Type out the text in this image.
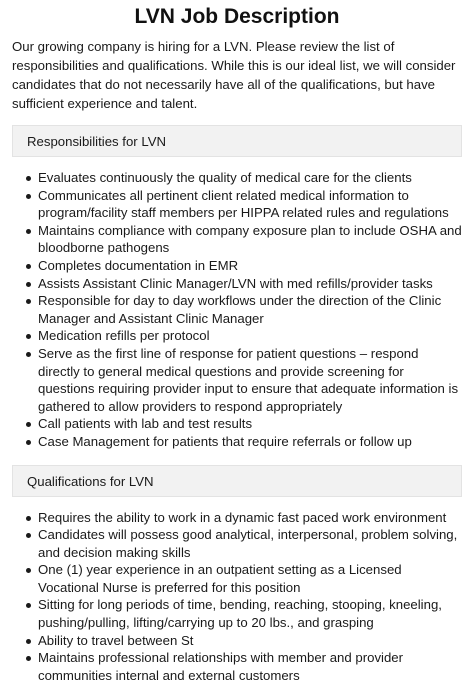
LVN Job Description

Our growing company is hiring for a LVN. Please review the list of responsibilities and qualifications. While this is our ideal list, we will consider candidates that do not necessarily have all of the qualifications, but have sufficient experience and talent.

Responsibilities for LVN
Evaluates continuously the quality of medical care for the clients
Communicates all pertinent client related medical information to program/facility staff members per HIPPA related rules and regulations
Maintains compliance with company exposure plan to include OSHA and bloodborne pathogens
Completes documentation in EMR
Assists Assistant Clinic Manager/LVN with med refills/provider tasks
Responsible for day to day workflows under the direction of the Clinic Manager and Assistant Clinic Manager
Medication refills per protocol
Serve as the first line of response for patient questions – respond directly to general medical questions and provide screening for questions requiring provider input to ensure that adequate information is gathered to allow providers to respond appropriately
Call patients with lab and test results
Case Management for patients that require referrals or follow up
Qualifications for LVN
Requires the ability to work in a dynamic fast paced work environment
Candidates will possess good analytical, interpersonal, problem solving, and decision making skills
One (1) year experience in an outpatient setting as a Licensed Vocational Nurse is preferred for this position
Sitting for long periods of time, bending, reaching, stooping, kneeling, pushing/pulling, lifting/carrying up to 20 lbs., and grasping
Ability to travel between St
Maintains professional relationships with member and provider communities internal and external customers
